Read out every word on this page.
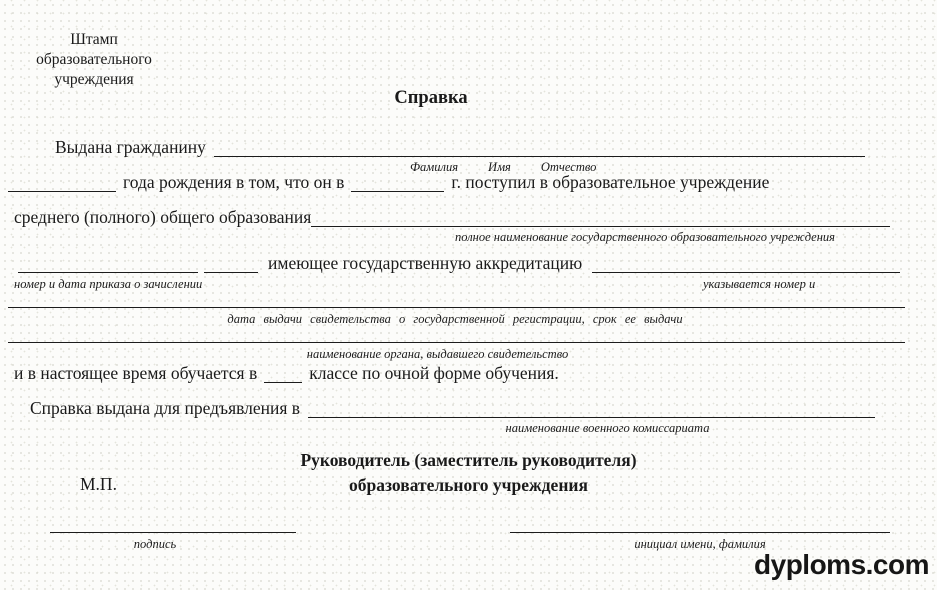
Штамп
образовательного
учреждения
Справка
Выдана гражданину
Фамилия Имя Отчество
года рождения в том, что он в	г. поступил в образовательное учреждение
среднего (полного) общего образования
полное наименование государственного образовательного учреждения
имеющее государственную аккредитацию
номер и дата приказа о зачислении	указывается номер и
дата выдачи свидетельства о государственной регистрации, срок ее выдачи
наименование органа, выдавшего свидетельство
и в настоящее время обучается в	классе по очной форме обучения.
Справка выдана для предъявления в
наименование военного комиссариата
Руководитель (заместитель руководителя)
образовательного учреждения
М.П.
подпись	инициал имени, фамилия
dyploms.com
